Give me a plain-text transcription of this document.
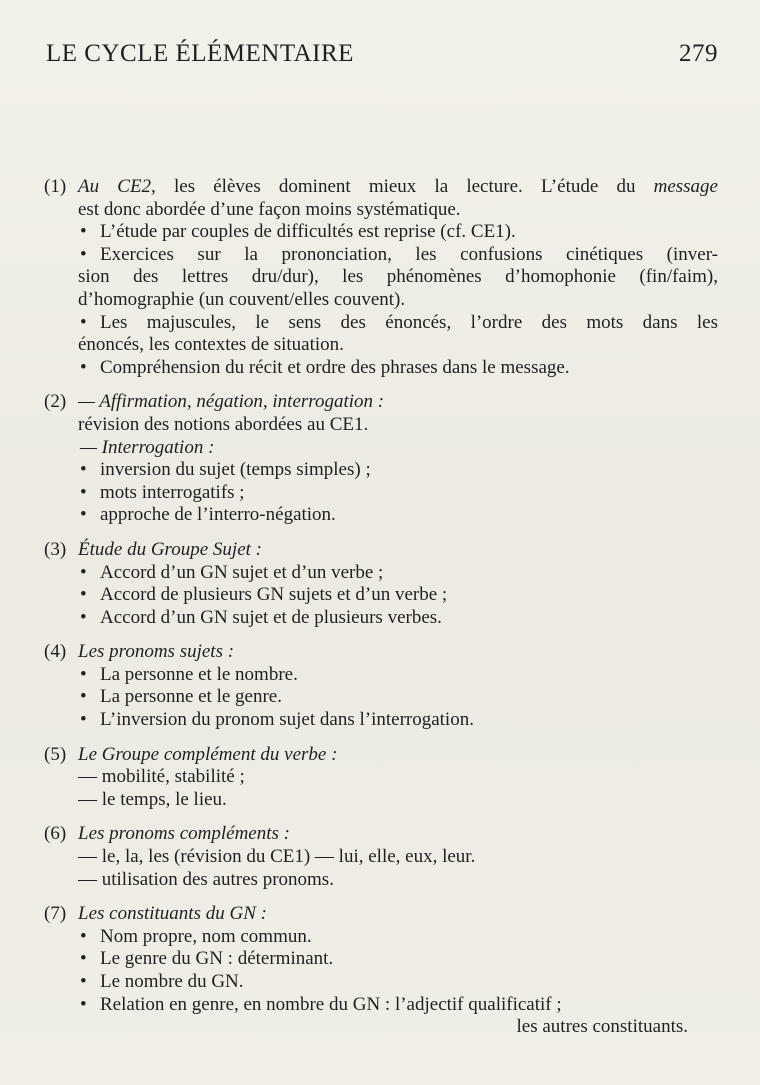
LE CYCLE ÉLÉMENTAIRE	279
(1) Au CE2, les élèves dominent mieux la lecture. L’étude du message
est donc abordée d’une façon moins systématique.
• L’étude par couples de difficultés est reprise (cf. CE1).
• Exercices sur la prononciation, les confusions cinétiques (inver-
sion des lettres dru/dur), les phénomènes d’homophonie (fin/faim),
d’homographie (un couvent/elles couvent).
• Les majuscules, le sens des énoncés, l’ordre des mots dans les
énoncés, les contextes de situation.
• Compréhension du récit et ordre des phrases dans le message.
(2) — Affirmation, négation, interrogation :
révision des notions abordées au CE1.
— Interrogation :
• inversion du sujet (temps simples) ;
• mots interrogatifs ;
• approche de l’interro-négation.
(3) Étude du Groupe Sujet :
• Accord d’un GN sujet et d’un verbe ;
• Accord de plusieurs GN sujets et d’un verbe ;
• Accord d’un GN sujet et de plusieurs verbes.
(4) Les pronoms sujets :
• La personne et le nombre.
• La personne et le genre.
• L’inversion du pronom sujet dans l’interrogation.
(5) Le Groupe complément du verbe :
— mobilité, stabilité ;
— le temps, le lieu.
(6) Les pronoms compléments :
— le, la, les (révision du CE1) — lui, elle, eux, leur.
— utilisation des autres pronoms.
(7) Les constituants du GN :
• Nom propre, nom commun.
• Le genre du GN : déterminant.
• Le nombre du GN.
• Relation en genre, en nombre du GN : l’adjectif qualificatif ;
les autres constituants.
